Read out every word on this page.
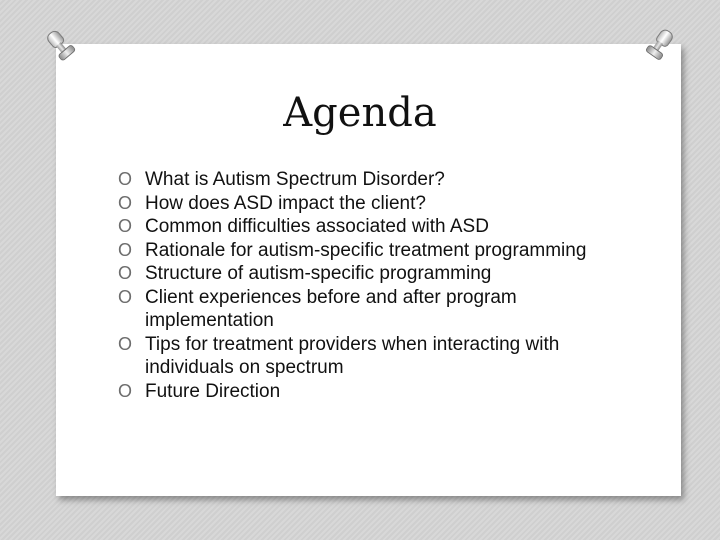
Agenda
O What is Autism Spectrum Disorder?
O How does ASD impact the client?
O Common difficulties associated with ASD
O Rationale for autism-specific treatment programming
O Structure of autism-specific programming
O Client experiences before and after program implementation
O Tips for treatment providers when interacting with individuals on spectrum
O Future Direction
